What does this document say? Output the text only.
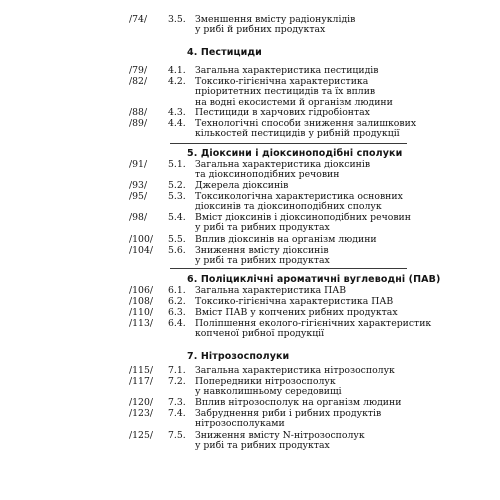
/74/ 3.5. Зменшення вмісту радіонуклідів
у рибі й рибних продуктах
4. Пестициди
/79/ 4.1. Загальна характеристика пестицидів
/82/ 4.2. Токсико-гігієнічна характеристика
пріоритетних пестицидів та їх вплив
на водні екосистеми й організм людини
/88/ 4.3. Пестициди в харчових гідробіонтах
/89/ 4.4. Технологічні способи зниження залишкових
кількостей пестицидів у рибній продукції
5. Діоксини і діоксиноподібні сполуки
/91/ 5.1. Загальна характеристика діоксинів
та діоксиноподібних речовин
/93/ 5.2. Джерела діоксинів
/95/ 5.3. Токсикологічна характеристика основних
діоксинів та діоксиноподібних сполук
/98/ 5.4. Вміст діоксинів і діоксиноподібних речовин
у рибі та рибних продуктах
/100/ 5.5. Вплив діоксинів на організм людини
/104/ 5.6. Зниження вмісту діоксинів
у рибі та рибних продуктах
6. Поліциклічні ароматичні вуглеводні (ПАВ)
/106/ 6.1. Загальна характеристика ПАВ
/108/ 6.2. Токсико-гігієнічна характеристика ПАВ
/110/ 6.3. Вміст ПАВ у копчених рибних продуктах
/113/ 6.4. Поліпшення еколого-гігієнічних характеристик
копченої рибної продукції
7. Нітрозосполуки
/115/ 7.1. Загальна характеристика нітрозосполук
/117/ 7.2. Попередники нітрозосполук
у навколишньому середовищі
/120/ 7.3. Вплив нітрозосполук на організм людини
/123/ 7.4. Забруднення риби і рибних продуктів
нітрозосполуками
/125/ 7.5. Зниження вмісту N-нітрозосполук
у рибі та рибних продуктах
